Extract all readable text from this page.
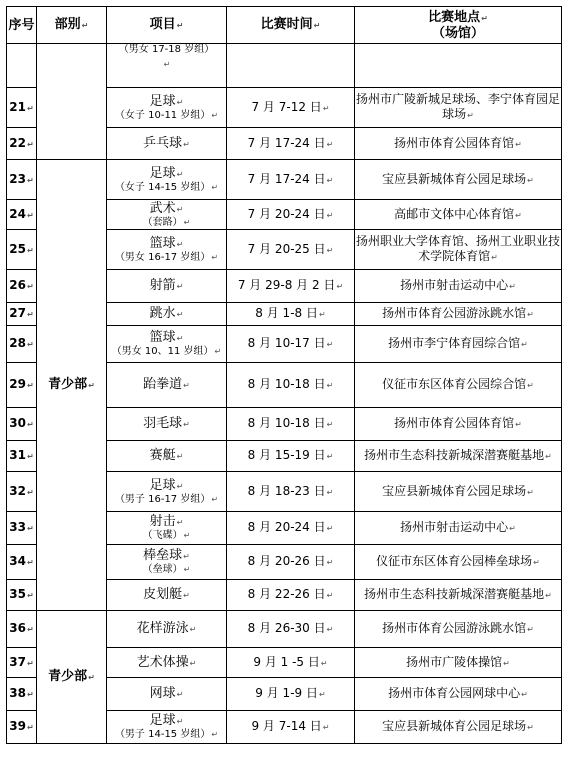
序号	部别↵	项目↵	比赛时间↵	比赛地点↵
（场馆）

		（男女 17-18 岁组）
↵		
21↵		足球↵
（女子 10-11 岁组）↵	7 月 7-12 日↵	扬州市广陵新城足球场、李宁体育园足球场↵
22↵		乒乓球↵	7 月 17-24 日↵	扬州市体育公园体育馆↵
23↵	青少部↵	足球↵
（女子 14-15 岁组）↵	7 月 17-24 日↵	宝应县新城体育公园足球场↵
24↵		武术↵
（套路）↵	7 月 20-24 日↵	高邮市文体中心体育馆↵
25↵		篮球↵
（男女 16-17 岁组）↵	7 月 20-25 日↵	扬州职业大学体育馆、扬州工业职业技术学院体育馆↵
26↵		射箭↵	7 月 29-8 月 2 日↵	扬州市射击运动中心↵
27↵		跳水↵	8 月 1-8 日↵	扬州市体育公园游泳跳水馆↵
28↵		篮球↵
（男女 10、11 岁组）↵	8 月 10-17 日↵	扬州市李宁体育园综合馆↵
29↵		跆拳道↵	8 月 10-18 日↵	仪征市东区体育公园综合馆↵
30↵		羽毛球↵	8 月 10-18 日↵	扬州市体育公园体育馆↵
31↵		赛艇↵	8 月 15-19 日↵	扬州市生态科技新城深潜赛艇基地↵
32↵		足球↵
（男子 16-17 岁组）↵	8 月 18-23 日↵	宝应县新城体育公园足球场↵
33↵		射击↵
（飞碟）↵	8 月 20-24 日↵	扬州市射击运动中心↵
34↵		棒垒球↵
（垒球）↵	8 月 20-26 日↵	仪征市东区体育公园棒垒球场↵
35↵		皮划艇↵	8 月 22-26 日↵	扬州市生态科技新城深潜赛艇基地↵
36↵	青少部↵	花样游泳↵	8 月 26-30 日↵	扬州市体育公园游泳跳水馆↵
37↵		艺术体操↵	9 月 1 -5 日↵	扬州市广陵体操馆↵
38↵		网球↵	9 月 1-9 日↵	扬州市体育公园网球中心↵
39↵		足球↵
（男子 14-15 岁组）↵	9 月 7-14 日↵	宝应县新城体育公园足球场↵
